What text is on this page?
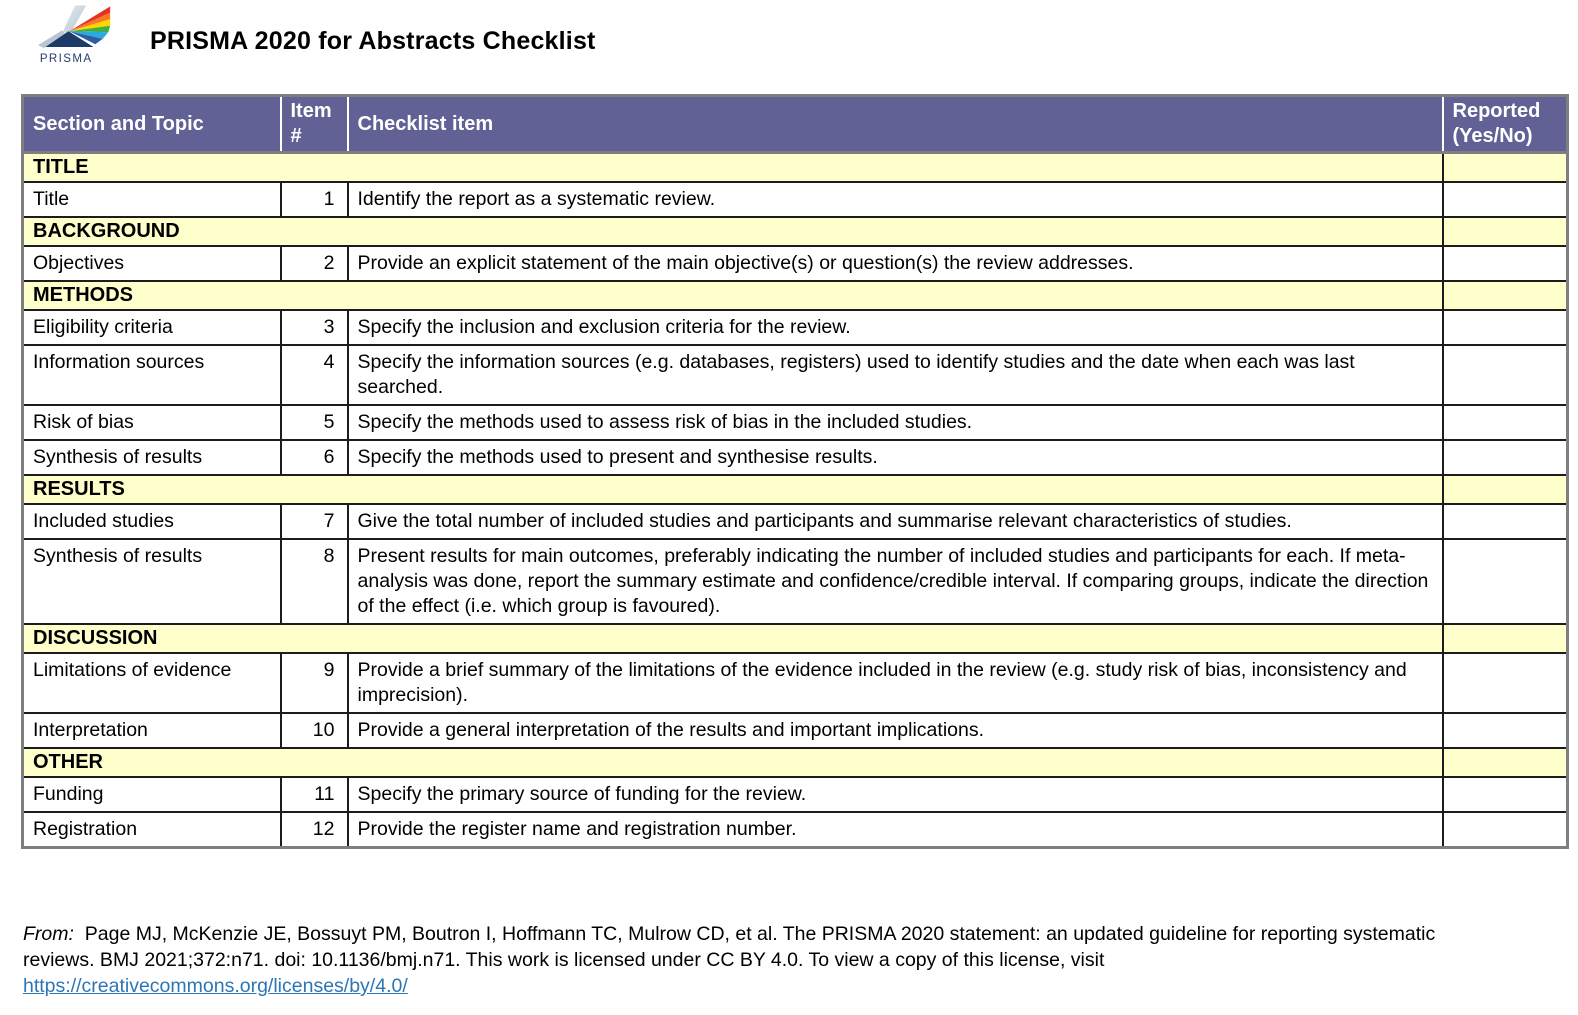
PRISMA
PRISMA 2020 for Abstracts Checklist
Section and Topic	Item #	Checklist item	Reported (Yes/No)
TITLE			
Title	1	Identify the report as a systematic review.	
BACKGROUND			
Objectives	2	Provide an explicit statement of the main objective(s) or question(s) the review addresses.	
METHODS			
Eligibility criteria	3	Specify the inclusion and exclusion criteria for the review.	
Information sources	4	Specify the information sources (e.g. databases, registers) used to identify studies and the date when each was last searched.	
Risk of bias	5	Specify the methods used to assess risk of bias in the included studies.	
Synthesis of results	6	Specify the methods used to present and synthesise results.	
RESULTS			
Included studies	7	Give the total number of included studies and participants and summarise relevant characteristics of studies.	
Synthesis of results	8	Present results for main outcomes, preferably indicating the number of included studies and participants for each. If meta-analysis was done, report the summary estimate and confidence/credible interval. If comparing groups, indicate the direction of the effect (i.e. which group is favoured).	
DISCUSSION			
Limitations of evidence	9	Provide a brief summary of the limitations of the evidence included in the review (e.g. study risk of bias, inconsistency and imprecision).	
Interpretation	10	Provide a general interpretation of the results and important implications.	
OTHER			
Funding	11	Specify the primary source of funding for the review.	
Registration	12	Provide the register name and registration number.	
From: Page MJ, McKenzie JE, Bossuyt PM, Boutron I, Hoffmann TC, Mulrow CD, et al. The PRISMA 2020 statement: an updated guideline for reporting systematic
reviews. BMJ 2021;372:n71. doi: 10.1136/bmj.n71. This work is licensed under CC BY 4.0. To view a copy of this license, visit
https://creativecommons.org/licenses/by/4.0/
